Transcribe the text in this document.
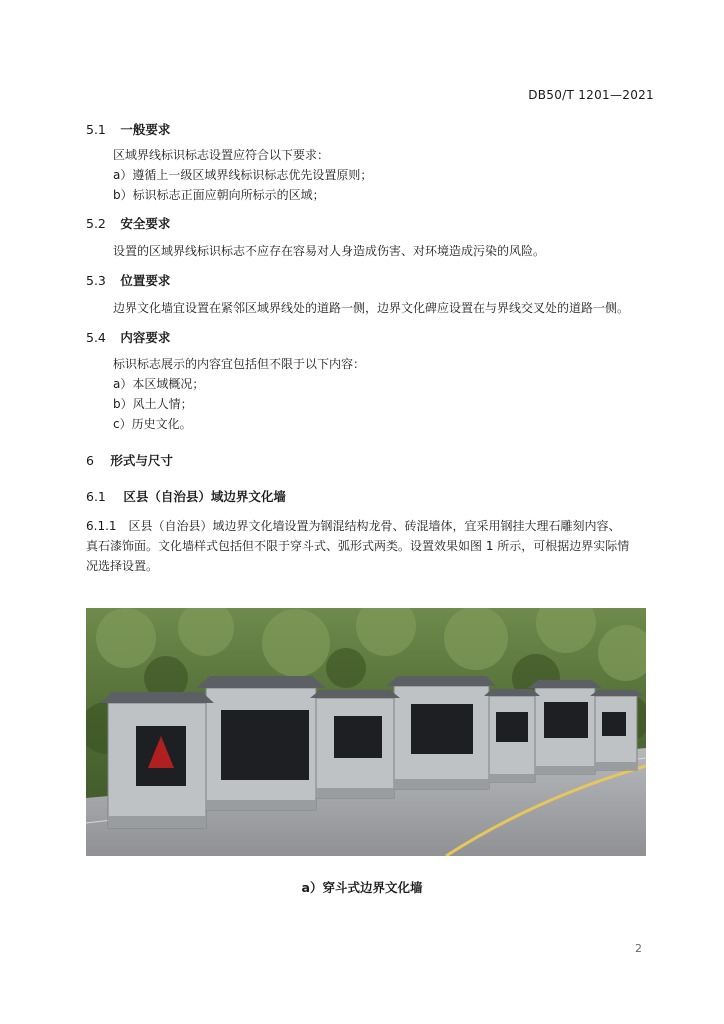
DB50/T 1201—2021
5.1 一般要求
区域界线标识标志设置应符合以下要求：
a）遵循上一级区域界线标识标志优先设置原则；
b）标识标志正面应朝向所标示的区域；
5.2 安全要求
设置的区域界线标识标志不应存在容易对人身造成伤害、对环境造成污染的风险。
5.3 位置要求
边界文化墙宜设置在紧邻区域界线处的道路一侧，边界文化碑应设置在与界线交叉处的道路一侧。
5.4 内容要求
标识标志展示的内容宜包括但不限于以下内容：
a）本区域概况；
b）风土人情；
c）历史文化。
6 形式与尺寸
6.1 区县（自治县）域边界文化墙
6.1.1　区县（自治县）域边界文化墙设置为钢混结构龙骨、砖混墙体，宜采用钢挂大理石雕刻内容、
真石漆饰面。文化墙样式包括但不限于穿斗式、弧形式两类。设置效果如图 1 所示，可根据边界实际情
况选择设置。
a）穿斗式边界文化墙
2
